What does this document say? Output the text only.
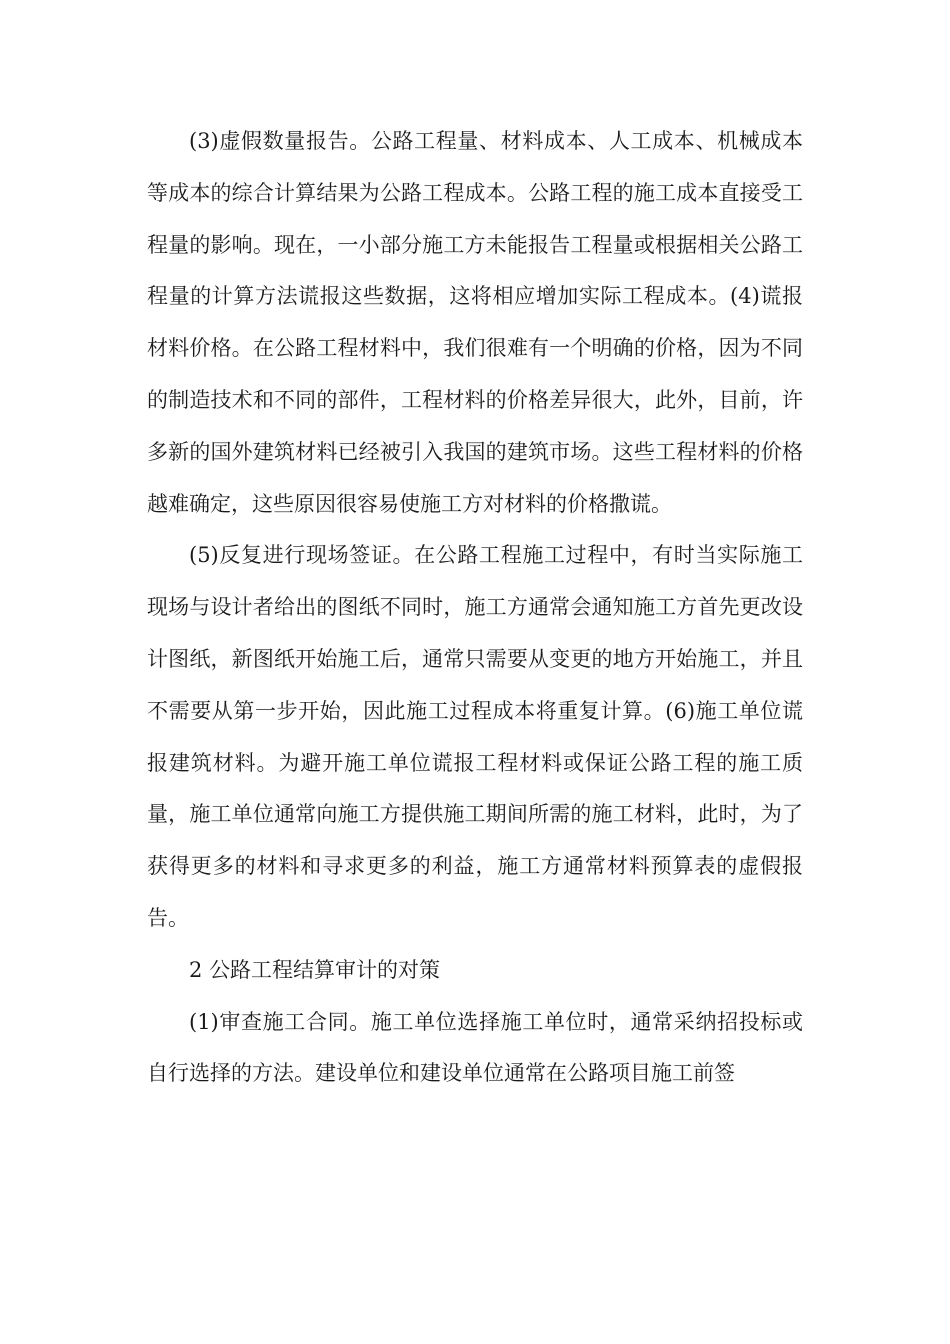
(3)虚假数量报告。公路工程量、材料成本、人工成本、机械成本等成本的综合计算结果为公路工程成本。公路工程的施工成本直接受工程量的影响。现在，一小部分施工方未能报告工程量或根据相关公路工程量的计算方法谎报这些数据，这将相应增加实际工程成本。(4)谎报材料价格。在公路工程材料中，我们很难有一个明确的价格，因为不同的制造技术和不同的部件，工程材料的价格差异很大，此外，目前，许多新的国外建筑材料已经被引入我国的建筑市场。这些工程材料的价格越难确定，这些原因很容易使施工方对材料的价格撒谎。

(5)反复进行现场签证。在公路工程施工过程中，有时当实际施工现场与设计者给出的图纸不同时，施工方通常会通知施工方首先更改设计图纸，新图纸开始施工后，通常只需要从变更的地方开始施工，并且不需要从第一步开始，因此施工过程成本将重复计算。(6)施工单位谎报建筑材料。为避开施工单位谎报工程材料或保证公路工程的施工质量，施工单位通常向施工方提供施工期间所需的施工材料，此时，为了获得更多的材料和寻求更多的利益，施工方通常材料预算表的虚假报告。

2 公路工程结算审计的对策

(1)审查施工合同。施工单位选择施工单位时，通常采纳招投标或自行选择的方法。建设单位和建设单位通常在公路项目施工前签
